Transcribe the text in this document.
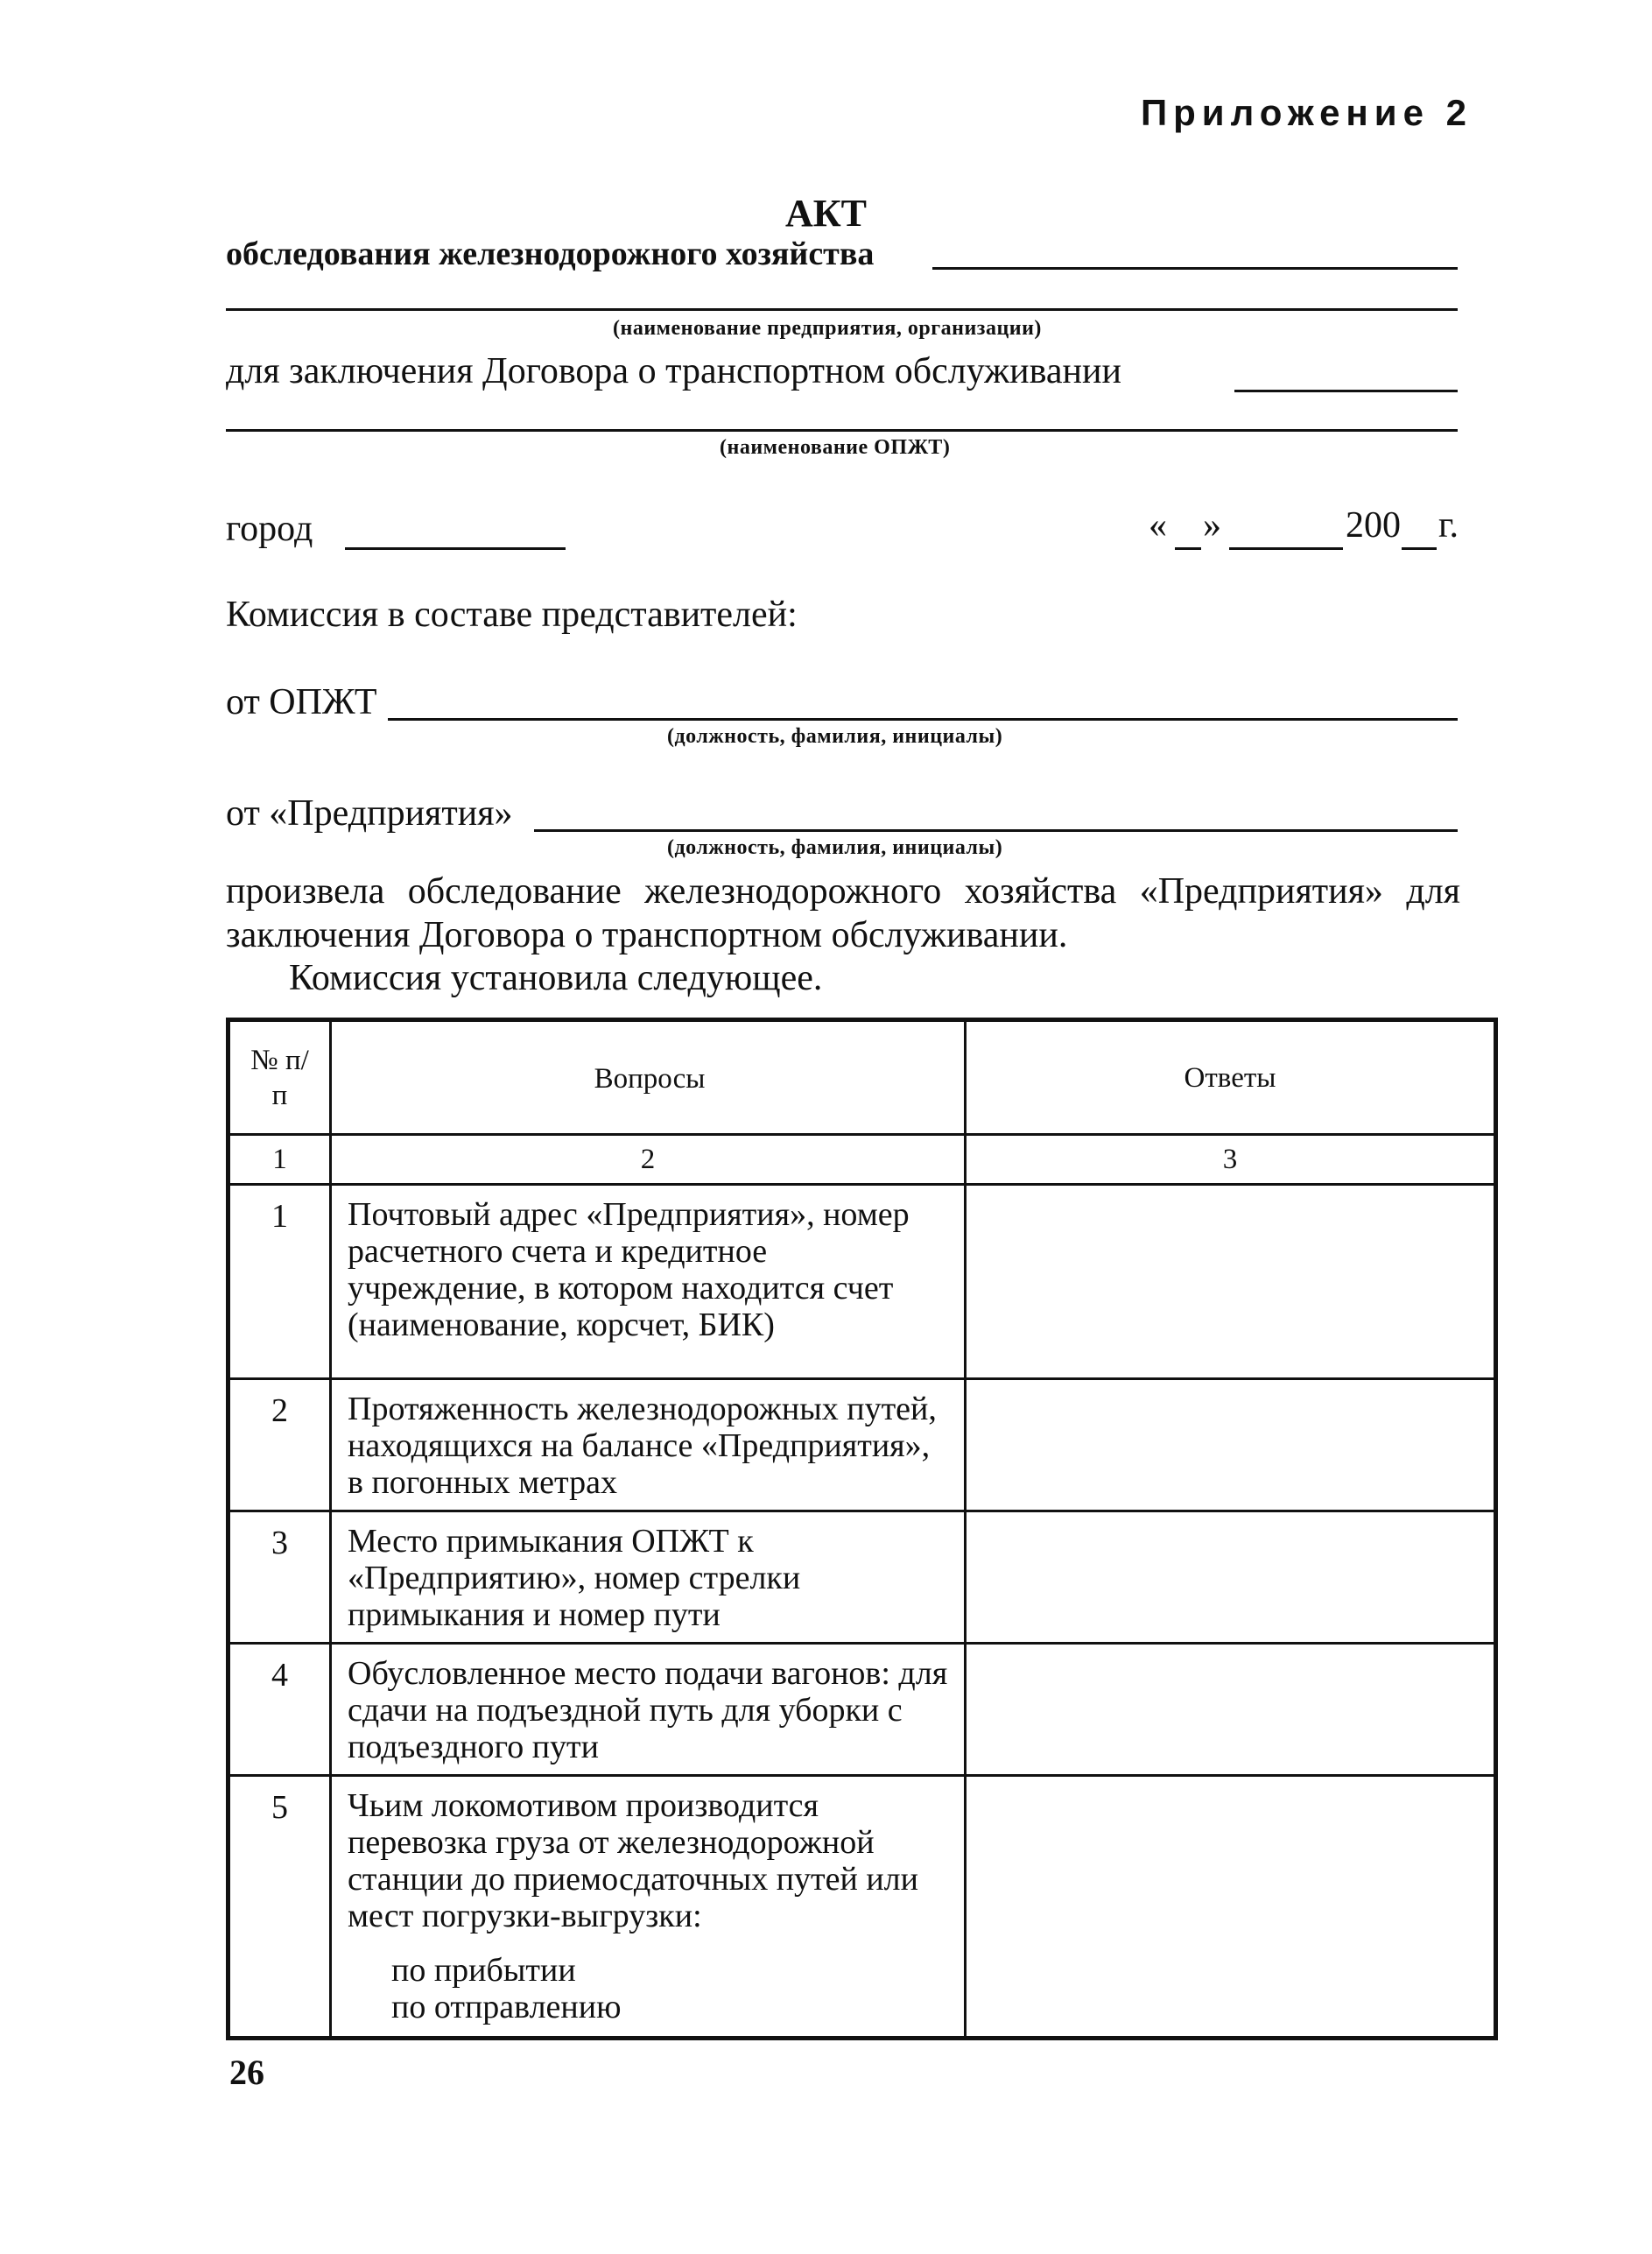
Приложение 2
АКТ
обследования железнодорожного хозяйства
(наименование предприятия, организации)
для заключения Договора о транспортном обслуживании
(наименование ОПЖТ)
город	« »	200 г.
Комиссия в составе представителей:
от ОПЖТ
(должность, фамилия, инициалы)
от «Предприятия»
(должность, фамилия, инициалы)
произвела обследование железнодорожного хозяйства «Предприятия» для заключения Договора о транспортном обслуживании.
Комиссия установила следующее.
№ п/п	Вопросы	Ответы
1	2	3
1	Почтовый адрес «Предприятия», номер расчетного счета и кредитное учреждение, в котором находится счет (наименование, корсчет, БИК)	
2	Протяженность железнодорожных путей, находящихся на балансе «Предприятия», в погонных метрах	
3	Место примыкания ОПЖТ к «Предприятию», номер стрелки примыкания и номер пути	
4	Обусловленное место подачи вагонов: для сдачи на подъездной путь для уборки с подъездного пути	
5	Чьим локомотивом производится перевозка груза от железнодорожной станции до приемосдаточных путей или мест погрузки-выгрузки:
по прибытии
по отправлению	

26
